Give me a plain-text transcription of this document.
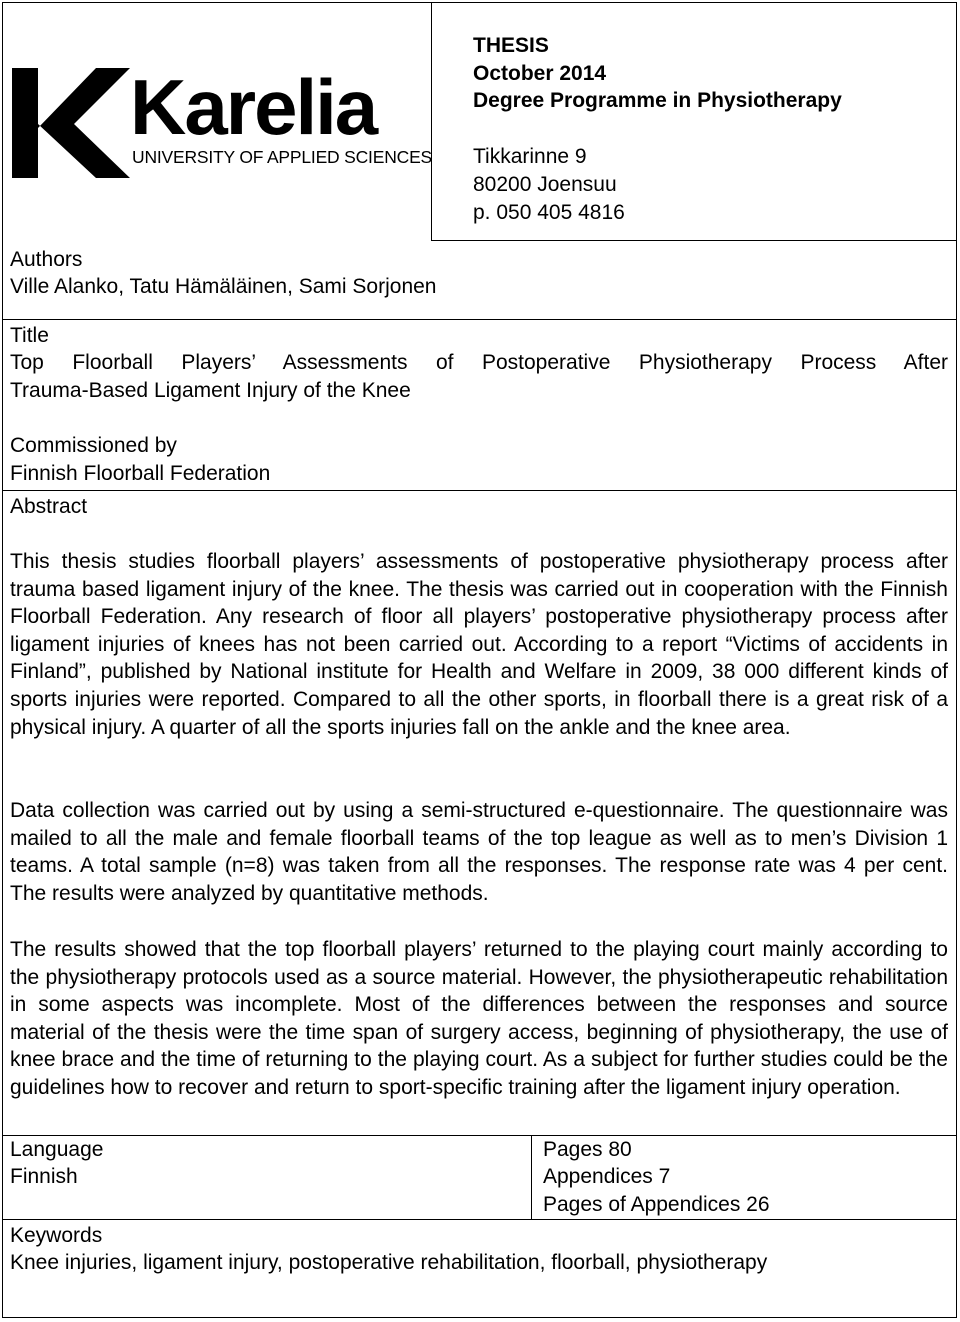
Karelia
UNIVERSITY OF APPLIED SCIENCES
THESIS
October 2014
Degree Programme in Physiotherapy
Tikkarinne 9
80200 Joensuu
p. 050 405 4816
Authors
Ville Alanko, Tatu Hämäläinen, Sami Sorjonen
Title
Top Floorball Players’ Assessments of Postoperative Physiotherapy Process After
Trauma-Based Ligament Injury of the Knee
Commissioned by
Finnish Floorball Federation
Abstract
This thesis studies floorball players’ assessments of postoperative physiotherapy process after trauma based ligament injury of the knee. The thesis was carried out in cooperation with the Finnish Floorball Federation. Any research of floor all players’ postoperative physiotherapy process after ligament injuries of knees has not been carried out. According to a report “Victims of accidents in Finland”, published by National institute for Health and Welfare in 2009, 38 000 different kinds of sports injuries were reported. Compared to all the other sports, in floorball there is a great risk of a physical injury. A quarter of all the sports injuries fall on the ankle and the knee area.
Data collection was carried out by using a semi-structured e-questionnaire. The questionnaire was mailed to all the male and female floorball teams of the top league as well as to men’s Division 1 teams. A total sample (n=8) was taken from all the responses. The response rate was 4 per cent. The results were analyzed by quantitative methods.
The results showed that the top floorball players’ returned to the playing court mainly according to the physiotherapy protocols used as a source material. However, the physiotherapeutic rehabilitation in some aspects was incomplete. Most of the differences between the responses and source material of the thesis were the time span of surgery access, beginning of physiotherapy, the use of knee brace and the time of returning to the playing court. As a subject for further studies could be the guidelines how to recover and return to sport-specific training after the ligament injury operation.
Language
Finnish
Pages 80
Appendices 7
Pages of Appendices 26
Keywords
Knee injuries, ligament injury, postoperative rehabilitation, floorball, physiotherapy
